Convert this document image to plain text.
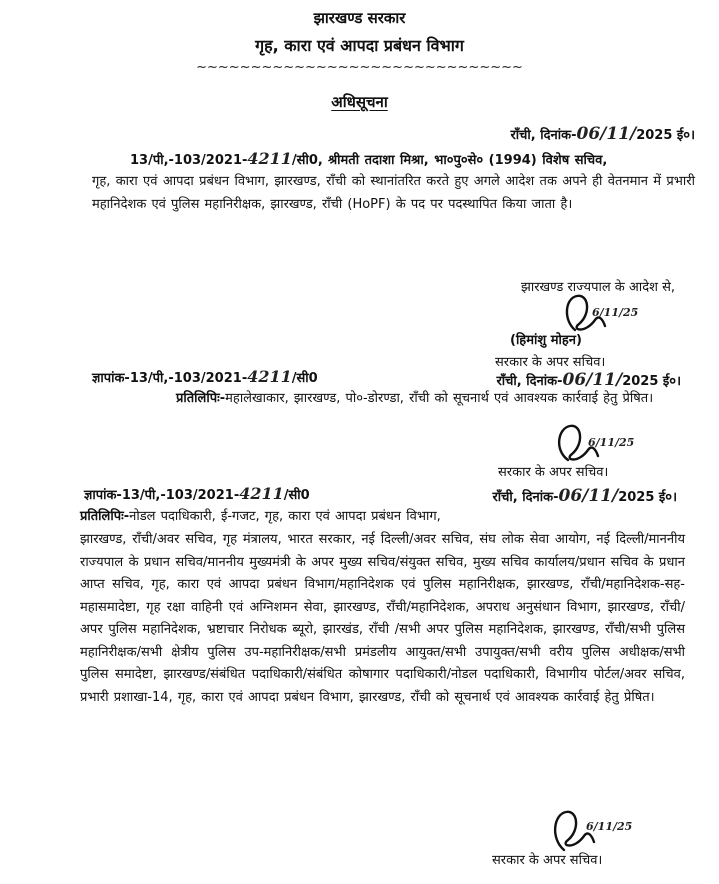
झारखण्ड सरकार
गृह, कारा एवं आपदा प्रबंधन विभाग
~~~~~~~~~~~~~~~~~~~~~~~~~~~~~~
अधिसूचना
राँची, दिनांक-06/11/2025 ई०।
13/पी,-103/2021-4211/सी0, श्रीमती तदाशा मिश्रा, भा०पु०से० (1994) विशेष सचिव,
गृह, कारा एवं आपदा प्रबंधन विभाग, झारखण्ड, राँची को स्थानांतरित करते हुए अगले आदेश तक अपने ही वेतनमान में प्रभारी महानिदेशक एवं पुलिस महानिरीक्षक, झारखण्ड, राँची (HoPF) के पद पर पदस्थापित किया जाता है।
झारखण्ड राज्यपाल के आदेश से,
6/11/25
(हिमांशु मोहन)
सरकार के अपर सचिव।
ज्ञापांक-13/पी,-103/2021-4211/सी0	राँची, दिनांक-06/11/2025 ई०।
प्रतिलिपिः-महालेखाकार, झारखण्ड, पो०-डोरण्डा, राँची को सूचनार्थ एवं आवश्यक कार्रवाई हेतु प्रेषित।
6/11/25
सरकार के अपर सचिव।
ज्ञापांक-13/पी,-103/2021-4211/सी0	राँची, दिनांक-06/11/2025 ई०।
प्रतिलिपिः-नोडल पदाधिकारी, ई-गजट, गृह, कारा एवं आपदा प्रबंधन विभाग,
झारखण्ड, राँची/अवर सचिव, गृह मंत्रालय, भारत सरकार, नई दिल्ली/अवर सचिव, संघ लोक सेवा आयोग, नई दिल्ली/माननीय राज्यपाल के प्रधान सचिव/माननीय मुख्यमंत्री के अपर मुख्य सचिव/संयुक्त सचिव, मुख्य सचिव कार्यालय/प्रधान सचिव के प्रधान आप्त सचिव, गृह, कारा एवं आपदा प्रबंधन विभाग/महानिदेशक एवं पुलिस महानिरीक्षक, झारखण्ड, राँची/महानिदेशक-सह-महासमादेष्टा, गृह रक्षा वाहिनी एवं अग्निशमन सेवा, झारखण्ड, राँची/महानिदेशक, अपराध अनुसंधान विभाग, झारखण्ड, राँची/ अपर पुलिस महानिदेशक, भ्रष्टाचार निरोधक ब्यूरो, झारखंड, राँची /सभी अपर पुलिस महानिदेशक, झारखण्ड, राँची/सभी पुलिस महानिरीक्षक/सभी क्षेत्रीय पुलिस उप-महानिरीक्षक/सभी प्रमंडलीय आयुक्त/सभी उपायुक्त/सभी वरीय पुलिस अधीक्षक/सभी पुलिस समादेष्टा, झारखण्ड/संबंधित पदाधिकारी/संबंधित कोषागार पदाधिकारी/नोडल पदाधिकारी, विभागीय पोर्टल/अवर सचिव, प्रभारी प्रशाखा-14, गृह, कारा एवं आपदा प्रबंधन विभाग, झारखण्ड, राँची को सूचनार्थ एवं आवश्यक कार्रवाई हेतु प्रेषित।
6/11/25
सरकार के अपर सचिव।
